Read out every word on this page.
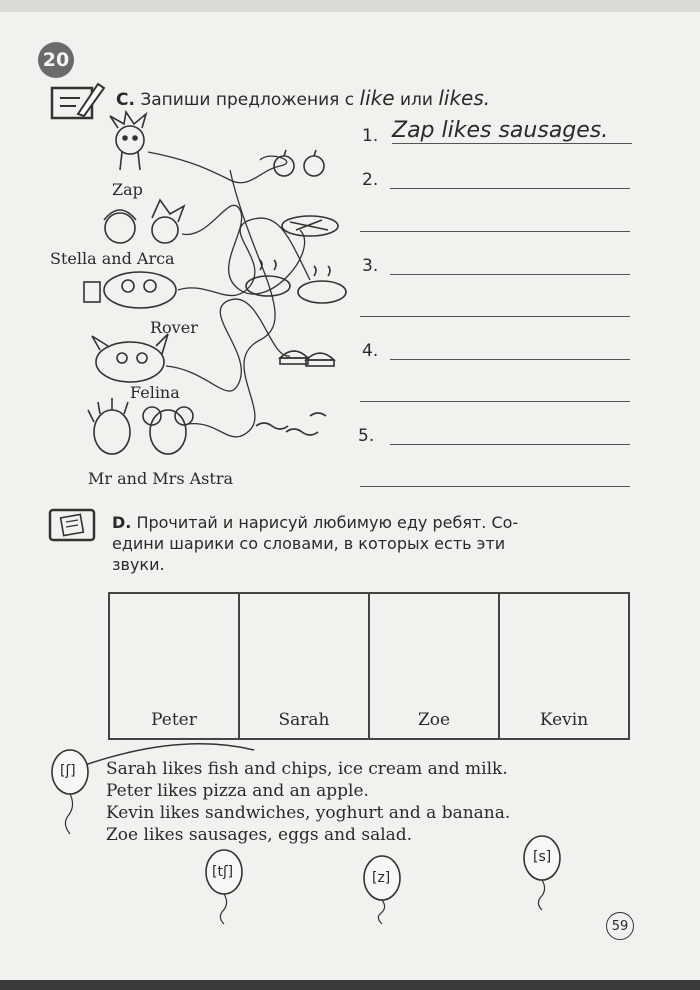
20
C. Запиши предложения с like или likes.
Zap
Stella and Arca
Rover
Felina
Mr and Mrs Astra
1. Zap likes sausages.
2.
3.
4.
5.
D. Прочитай и нарисуй любимую еду ребят. Со-
едини шарики со словами, в которых есть эти
звуки.
Peter	Sarah	Zoe	Kevin
[ʃ]
[tʃ]	[z]
[s]
Sarah likes fish and chips, ice cream and milk.
Peter likes pizza and an apple.
Kevin likes sandwiches, yoghurt and a banana.
Zoe likes sausages, eggs and salad.
59
